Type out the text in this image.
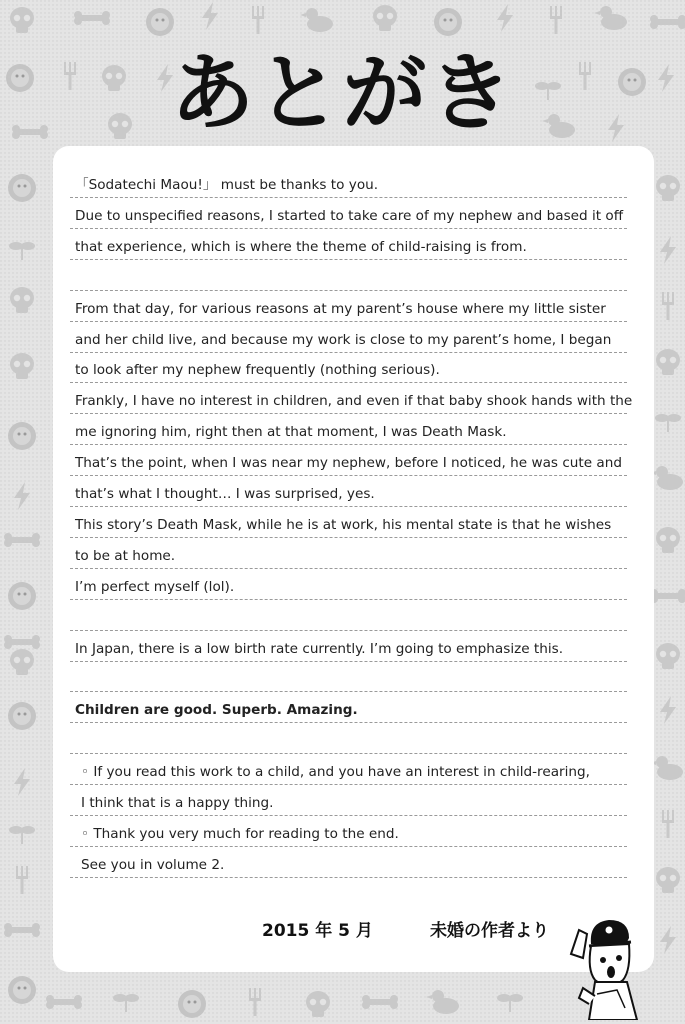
あとがき
「Sodatechi Maou!」 must be thanks to you.
Due to unspecified reasons, I started to take care of my nephew and based it off
that experience, which is where the theme of child-raising is from.
From that day, for various reasons at my parent’s house where my little sister
and her child live, and because my work is close to my parent’s home, I began
to look after my nephew frequently (nothing serious).
Frankly, I have no interest in children, and even if that baby shook hands with the
me ignoring him, right then at that moment, I was Death Mask.
That’s the point, when I was near my nephew, before I noticed, he was cute and
that’s what I thought… I was surprised, yes.
This story’s Death Mask, while he is at work, his mental state is that he wishes
to be at home.
I’m perfect myself (lol).
In Japan, there is a low birth rate currently. I’m going to emphasize this.
Children are good. Superb. Amazing.
◦ If you read this work to a child, and you have an interest in child-rearing,
I think that is a happy thing.
◦ Thank you very much for reading to the end.
See you in volume 2.
2015 年 5 月	未婚の作者より
